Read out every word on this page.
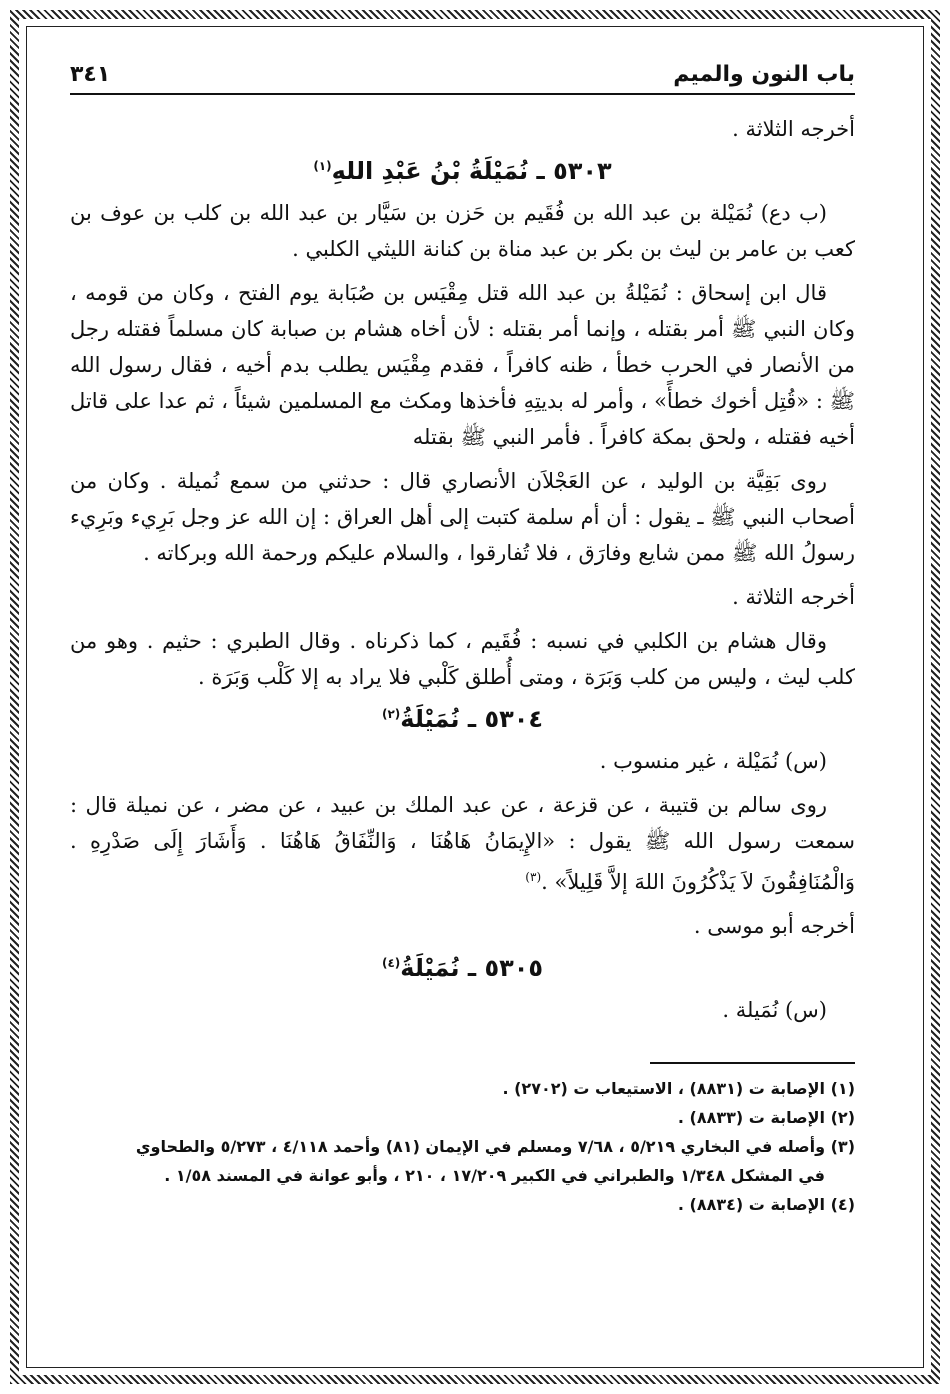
باب النون والميم
٣٤١

أخرجه الثلاثة .

٥٣٠٣ ـ نُمَيْلَةُ بْنُ عَبْدِ اللهِ$^{(١)}$

(ب دع) نُمَيْلة بن عبد الله بن فُقَيم بن حَزن بن سَيَّار بن عبد الله بن كلب بن عوف بن كعب بن عامر بن ليث بن بكر بن عبد مناة بن كنانة الليثي الكلبي .

قال ابن إسحاق : نُمَيْلةُ بن عبد الله قتل مِقْيَس بن صُبَابة يوم الفتح ، وكان من قومه ، وكان النبي ﷺ أمر بقتله ، وإنما أمر بقتله : لأن أخاه هشام بن صبابة كان مسلماً فقتله رجل من الأنصار في الحرب خطأ ، ظنه كافراً ، فقدم مِقْيَس يطلب بدم أخيه ، فقال رسول الله ﷺ : «قُتِل أخوك خطأً» ، وأمر له بديتِهِ فأخذها ومكث مع المسلمين شيئاً ، ثم عدا على قاتل أخيه فقتله ، ولحق بمكة كافراً . فأمر النبي ﷺ بقتله

روى بَقِيَّة بن الوليد ، عن العَجْلاَن الأنصاري قال : حدثني من سمع نُميلة . وكان من أصحاب النبي ﷺ ـ يقول : أن أم سلمة كتبت إلى أهل العراق : إن الله عز وجل بَرِيء وبَرِيء رسولُ الله ﷺ ممن شايع وفارَق ، فلا تُفارقوا ، والسلام عليكم ورحمة الله وبركاته .

أخرجه الثلاثة .

وقال هشام بن الكلبي في نسبه : فُقَيم ، كما ذكرناه . وقال الطبري : حثيم . وهو من كلب ليث ، وليس من كلب وَبَرَة ، ومتى أُطلق كَلْبي فلا يراد به إلا كَلْب وَبَرَة .

٥٣٠٤ ـ نُمَيْلَةُ$^{(٢)}$

(س) نُمَيْلة ، غير منسوب .

روى سالم بن قتيبة ، عن قزعة ، عن عبد الملك بن عبيد ، عن مضر ، عن نميلة قال : سمعت رسول الله ﷺ يقول : «الإِيمَانُ هَاهُنَا ، وَالنِّفَاقُ هَاهُنَا . وَأَشَارَ إِلَى صَدْرِهِ . وَالْمُنَافِقُونَ لاَ يَذْكُرُونَ اللهَ إلاَّ قَلِيلاً» .$^{(٣)}$

أخرجه أبو موسى .

٥٣٠٥ ـ نُمَيْلَةُ$^{(٤)}$

(س) نُمَيلة .

(١) الإصابة ت (٨٨٣١) ، الاستيعاب ت (٢٧٠٢) .

(٢) الإصابة ت (٨٨٣٣) .

(٣) وأصله في البخاري ٥/٢١٩ ، ٧/٦٨ ومسلم في الإيمان (٨١) وأحمد ٤/١١٨ ، ٥/٢٧٣ والطحاوي

في المشكل ١/٣٤٨ والطبراني في الكبير ١٧/٢٠٩ ، ٢١٠ ، وأبو عوانة في المسند ١/٥٨ .

(٤) الإصابة ت (٨٨٣٤) .
